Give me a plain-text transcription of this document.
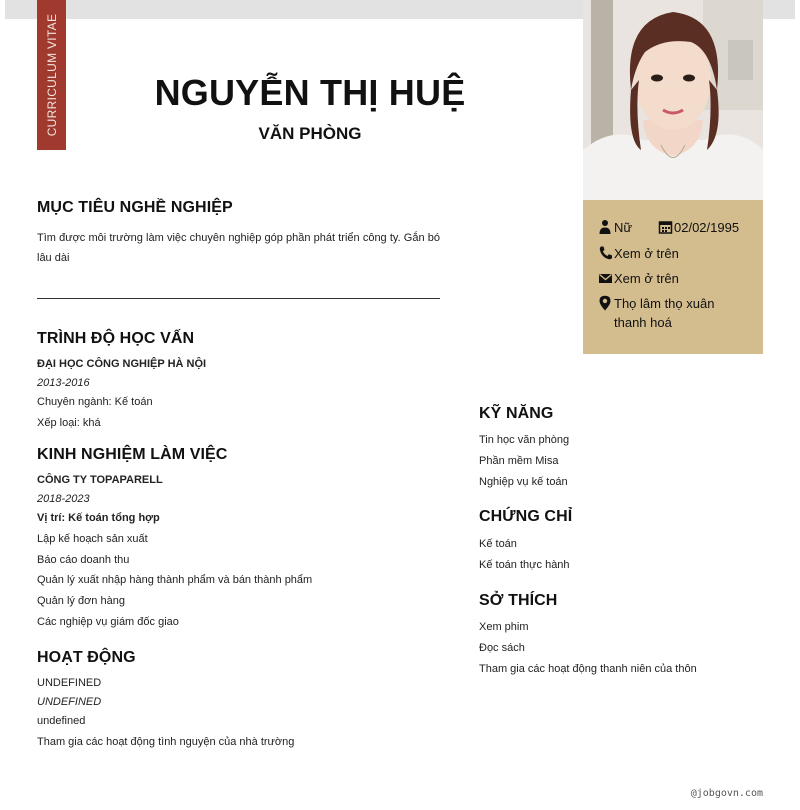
CURRICULUM VITAE	NGUYỄN THỊ HUỆ
VĂN PHÒNG
Nữ	02/02/1995
Xem ở trên
Xem ở trên
Thọ lâm thọ xuân thanh hoá
MỤC TIÊU NGHỀ NGHIỆP
Tìm được môi trường làm việc chuyên nghiệp góp phần phát triển công ty. Gắn bó lâu dài
TRÌNH ĐỘ HỌC VẤN
ĐẠI HỌC CÔNG NGHIỆP HÀ NỘI
2013-2016
Chuyên ngành: Kế toán
Xếp loại: khá
KINH NGHIỆM LÀM VIỆC
CÔNG TY TOPAPARELL
2018-2023
Vị trí: Kế toán tổng hợp
Lập kế hoạch sản xuất
Báo cáo doanh thu
Quản lý xuất nhập hàng thành phẩm và bán thành phẩm
Quản lý đơn hàng
Các nghiệp vụ giám đốc giao
HOẠT ĐỘNG
UNDEFINED
UNDEFINED
undefined
Tham gia các hoạt động tình nguyện của nhà trường
KỸ NĂNG
Tin học văn phòng
Phần mềm Misa
Nghiệp vụ kế toán
CHỨNG CHỈ
Kế toán
Kế toán thực hành
SỞ THÍCH
Xem phim
Đọc sách
Tham gia các hoạt động thanh niên của thôn
@jobgovn.com
